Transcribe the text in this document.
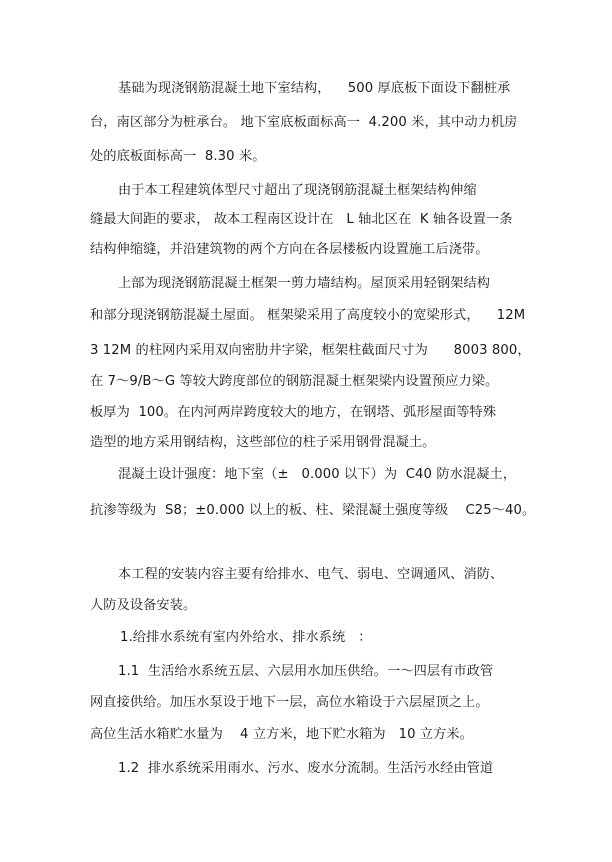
基础为现浇钢筋混凝土地下室结构，    500 厚底板下面设下翻桩承
台，南区部分为桩承台。 地下室底板面标高一  4.200 米，其中动力机房
处的底板面标高一  8.30 米。
由于本工程建筑体型尺寸超出了现浇钢筋混凝土框架结构伸缩
缝最大间距的要求， 故本工程南区设计在   L 轴北区在  K 轴各设置一条
结构伸缩缝，并沿建筑物的两个方向在各层楼板内设置施工后浇带。
上部为现浇钢筋混凝土框架一剪力墙结构。屋顶采用轻钢架结构
和部分现浇钢筋混凝土屋面。 框架梁采用了高度较小的宽梁形式，    12M
3 12M 的柱网内采用双向密肋井字梁，框架柱截面尺寸为      8003 800，
在 7～9/B～G 等较大跨度部位的钢筋混凝土框架梁内设置预应力梁。
板厚为  100。在内河两岸跨度较大的地方，在钢塔、弧形屋面等特殊
造型的地方采用钢结构，这些部位的柱子采用钢骨混凝土。
混凝土设计强度：地下室（±   0.000 以下）为  C40 防水混凝土，
抗渗等级为  S8；±0.000 以上的板、柱、梁混凝土强度等级    C25～40。
本工程的安装内容主要有给排水、电气、弱电、空调通风、消防、
人防及设备安装。
1.给排水系统有室内外给水、排水系统   ：
1.1  生活给水系统五层、六层用水加压供给。一～四层有市政管
网直接供给。加压水泵设于地下一层，高位水箱设于六层屋顶之上。
高位生活水箱贮水量为    4 立方米，地下贮水箱为   10 立方米。
1.2  排水系统采用雨水、污水、废水分流制。生活污水经由管道
